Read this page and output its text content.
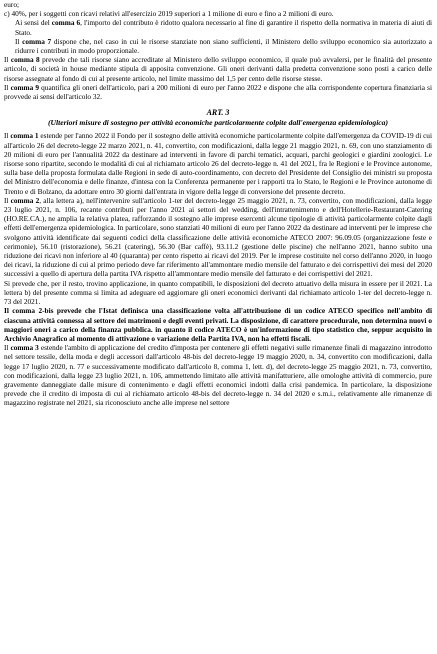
euro;

c) 40%, per i soggetti con ricavi relativi all'esercizio 2019 superiori a 1 milione di euro e fino a 2 milioni di euro.

Ai sensi del comma 6, l'importo del contributo è ridotto qualora necessario al fine di garantire il rispetto della normativa in materia di aiuti di Stato.

Il comma 7 dispone che, nel caso in cui le risorse stanziate non siano sufficienti, il Ministero dello sviluppo economico sia autorizzato a ridurre i contributi in modo proporzionale.

Il comma 8 prevede che tali risorse siano accreditate al Ministero dello sviluppo economico, il quale può avvalersi, per le finalità del presente articolo, di società in house mediante stipula di apposita convenzione. Gli oneri derivanti dalla predetta convenzione sono posti a carico delle risorse assegnate al fondo di cui al presente articolo, nel limite massimo del 1,5 per cento delle risorse stesse.

Il comma 9 quantifica gli oneri dell'articolo, pari a 200 milioni di euro per l'anno 2022 e dispone che alla corrispondente copertura finanziaria si provvede ai sensi dell'articolo 32.

ART. 3

(Ulteriori misure di sostegno per attività economiche particolarmente colpite dall'emergenza epidemiologica)

Il comma 1 estende per l'anno 2022 il Fondo per il sostegno delle attività economiche particolarmente colpite dall'emergenza da COVID-19 di cui all'articolo 26 del decreto-legge 22 marzo 2021, n. 41, convertito, con modificazioni, dalla legge 21 maggio 2021, n. 69, con uno stanziamento di 20 milioni di euro per l'annualità 2022 da destinare ad interventi in favore di parchi tematici, acquari, parchi geologici e giardini zoologici. Le risorse sono ripartite, secondo le modalità di cui al richiamato articolo 26 del decreto-legge n. 41 del 2021, fra le Regioni e le Province autonome, sulla base della proposta formulata dalle Regioni in sede di auto-coordinamento, con decreto del Presidente del Consiglio dei ministri su proposta del Ministro dell'economia e delle finanze, d'intesa con la Conferenza permanente per i rapporti tra lo Stato, le Regioni e le Province autonome di Trento e di Bolzano, da adottare entro 30 giorni dall'entrata in vigore della legge di conversione del presente decreto.

Il comma 2, alla lettera a), nell'intervenire sull'articolo 1-ter del decreto-legge 25 maggio 2021, n. 73, convertito, con modificazioni, dalla legge 23 luglio 2021, n. 106, recante contributi per l'anno 2021 ai settori del wedding, dell'intrattenimento e dell'Hotellerie-Restaurant-Catering (HO.RE.CA.), ne amplia la relativa platea, rafforzando il sostegno alle imprese esercenti alcune tipologie di attività particolarmente colpite dagli effetti dell'emergenza epidemiologica. In particolare, sono stanziati 40 milioni di euro per l'anno 2022 da destinare ad interventi per le imprese che svolgono attività identificate dai seguenti codici della classificazione delle attività economiche ATECO 2007: 96.09.05 (organizzazione feste e cerimonie), 56.10 (ristorazione), 56.21 (catering), 56.30 (Bar caffè), 93.11.2 (gestione delle piscine) che nell'anno 2021, hanno subito una riduzione dei ricavi non inferiore al 40 (quaranta) per cento rispetto ai ricavi del 2019. Per le imprese costituite nel corso dell'anno 2020, in luogo dei ricavi, la riduzione di cui al primo periodo deve far riferimento all'ammontare medio mensile del fatturato e dei corrispettivi dei mesi del 2020 successivi a quello di apertura della partita IVA rispetto all'ammontare medio mensile del fatturato e dei corrispettivi del 2021.

Si prevede che, per il resto, trovino applicazione, in quanto compatibili, le disposizioni del decreto attuativo della misura in essere per il 2021. La lettera b) del presente comma si limita ad adeguare ed aggiornare gli oneri economici derivanti dal richiamato articolo 1-ter del decreto-legge n. 73 del 2021.

Il comma 2-bis prevede che l'Istat definisca una classificazione volta all'attribuzione di un codice ATECO specifico nell'ambito di ciascuna attività connessa al settore dei matrimoni e degli eventi privati. La disposizione, di carattere procedurale, non determina nuovi o maggiori oneri a carico della finanza pubblica. in quanto il codice ATECO è un'informazione di tipo statistico che, seppur acquisito in Archivio Anagrafico al momento di attivazione o variazione della Partita IVA, non ha effetti fiscali.

Il comma 3 estende l'ambito di applicazione del credito d'imposta per contenere gli effetti negativi sulle rimanenze finali di magazzino introdotto nel settore tessile, della moda e degli accessori dall'articolo 48-bis del decreto-legge 19 maggio 2020, n. 34, convertito con modificazioni, dalla legge 17 luglio 2020, n. 77 e successivamente modificato dall'articolo 8, comma 1, lett. d), del decreto-legge 25 maggio 2021, n. 73, convertito, con modificazioni, dalla legge 23 luglio 2021, n. 106, ammettendo limitato alle attività manifatturiere, alle omologhe attività di commercio, pure gravemente danneggiate dalle misure di contenimento e dagli effetti economici indotti dalla crisi pandemica. In particolare, la disposizione prevede che il credito di imposta di cui al richiamato articolo 48-bis del decreto-legge n. 34 del 2020 e s.m.i., relativamente alle rimanenze di magazzino registrate nel 2021, sia riconosciuto anche alle imprese nel settore
